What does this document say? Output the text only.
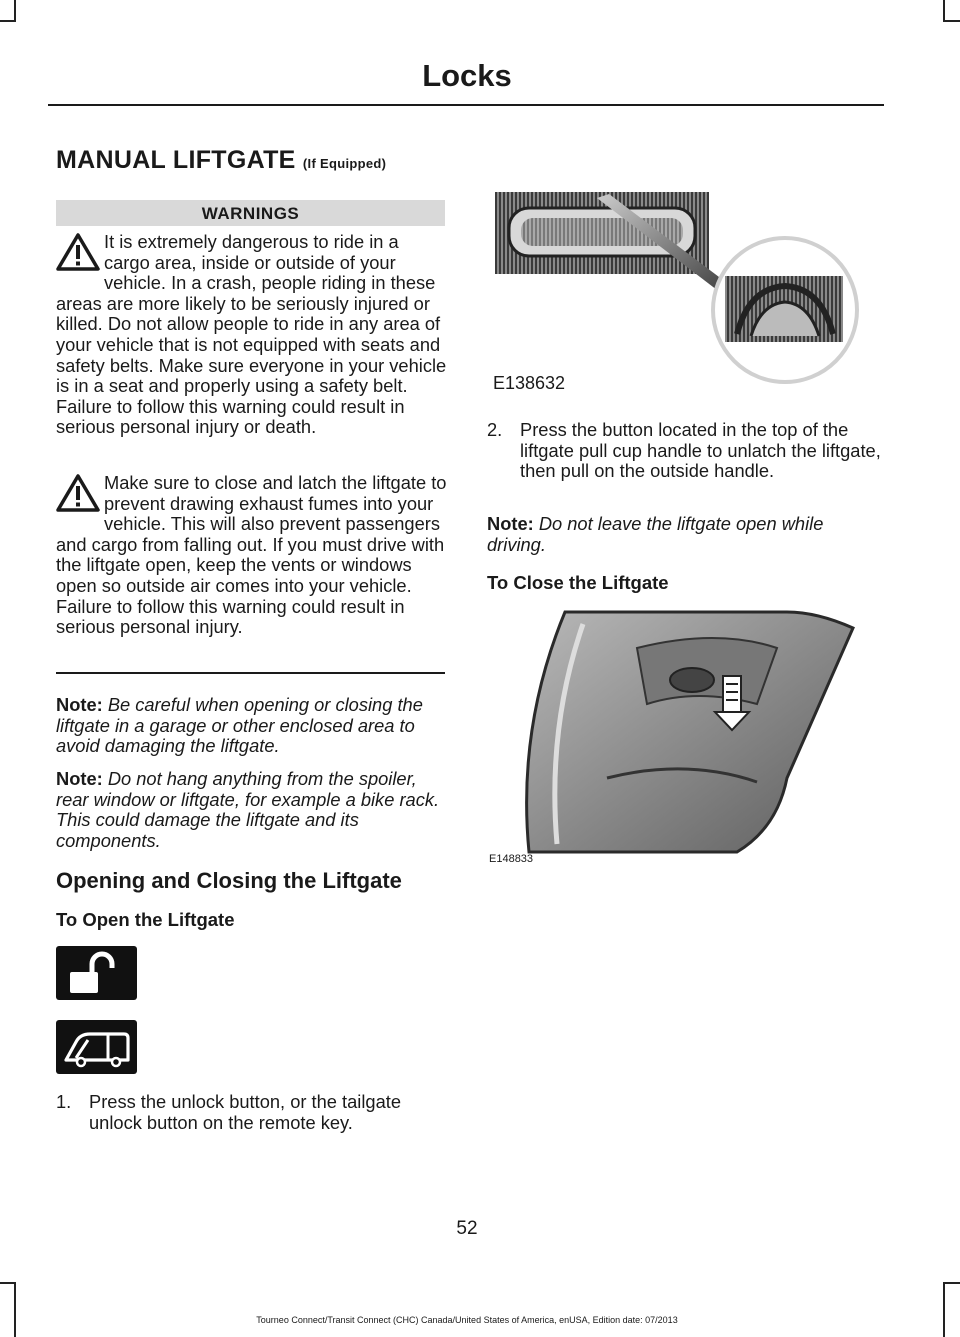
Locks
MANUAL LIFTGATE (If Equipped)
WARNINGS
It is extremely dangerous to ride in a cargo area, inside or outside of your vehicle. In a crash, people riding in these areas are more likely to be seriously injured or killed. Do not allow people to ride in any area of your vehicle that is not equipped with seats and safety belts. Make sure everyone in your vehicle is in a seat and properly using a safety belt. Failure to follow this warning could result in serious personal injury or death.
Make sure to close and latch the liftgate to prevent drawing exhaust fumes into your vehicle. This will also prevent passengers and cargo from falling out. If you must drive with the liftgate open, keep the vents or windows open so outside air comes into your vehicle. Failure to follow this warning could result in serious personal injury.
Note: Be careful when opening or closing the liftgate in a garage or other enclosed area to avoid damaging the liftgate.
Note: Do not hang anything from the spoiler, rear window or liftgate, for example a bike rack. This could damage the liftgate and its components.
Opening and Closing the Liftgate
To Open the Liftgate
1. Press the unlock button, or the tailgate unlock button on the remote key.
E138632
2. Press the button located in the top of the liftgate pull cup handle to unlatch the liftgate, then pull on the outside handle.
Note: Do not leave the liftgate open while driving.
To Close the Liftgate
E148833
52
Tourneo Connect/Transit Connect (CHC) Canada/United States of America, enUSA, Edition date: 07/2013
